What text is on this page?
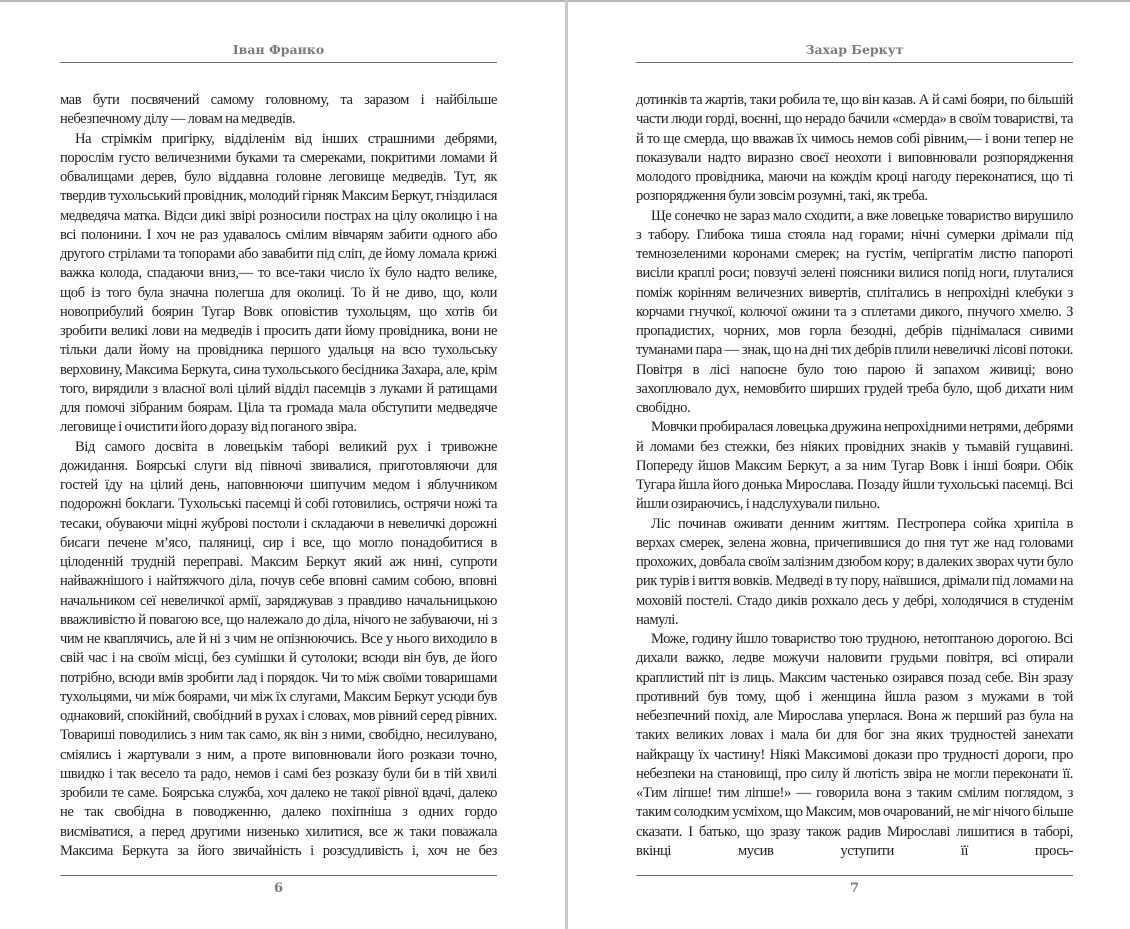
Іван Франко

мав бути посвячений самому головному, та заразом і найбільше небезпечному ділу — ловам на медведів.

На стрімкім пригірку, відділенім від інших страшними дебрями, порослім густо величезними буками та смереками, покритими ломами й обвалищами дерев, було віддавна головне леговище медведів. Тут, як твердив тухольський провідник, молодий гірняк Максим Беркут, гніздилася медведяча матка. Відси дикі звірі розносили пострах на цілу околицю і на всі полонини. І хоч не раз удавалось смілим вівчарям забити одного або другого стрілами та топорами або завабити під сліп, де йому ломала крижі важка колода, спадаючи вниз,— то все-таки число їх було надто велике, щоб із того була значна полегша для околиці. То й не диво, що, коли новоприбулий боярин Тугар Вовк оповістив тухольцям, що хотів би зробити великі лови на медведів і просить дати йому провідника, вони не тільки дали йому на провідника першого удальця на всю тухольську верховину, Максима Беркута, сина тухольського бесідника Захара, але, крім того, вирядили з власної волі цілий відділ пасемців з луками й ратищами для помочі зібраним боярам. Ціла та громада мала обступити медведяче леговище і очистити його доразу від поганого звіра.

Від самого досвіта в ловецькім таборі великий рух і тривожне дожидання. Боярські слуги від півночі звивалися, приготовляючи для гостей їду на цілий день, наповнюючи шипучим медом і яблучником подорожні боклаги. Тухольські пасемці й собі готовились, острячи ножі та тесаки, обуваючи міцні жуброві постоли і складаючи в невеличкі дорожні бисаги печене м’ясо, паляниці, сир і все, що могло понадобитися в цілоденній трудній переправі. Максим Беркут який аж нині, супроти найважнішого і найтяжчого діла, почув себе вповні самим собою, вповні начальником сеї невеличкої армії, заряджував з правдиво начальницькою вважливістю й повагою все, що належало до діла, нічого не забуваючи, ні з чим не кваплячись, але й ні з чим не опізнюючись. Все у нього виходило в свій час і на своїм місці, без сумішки й сутолоки; всюди він був, де його потрібно, всюди вмів зробити лад і порядок. Чи то між своїми товаришами тухольцями, чи між боярами, чи між їх слугами, Максим Беркут усюди був однаковий, спокійний, свобідний в рухах і словах, мов рівний серед рівних. Товариші поводились з ним так само, як він з ними, свобідно, несилувано, сміялись і жартували з ним, а проте виповнювали його розкази точно, швидко і так весело та радо, немов і самі без розказу були би в тій хвилі зробили те саме. Боярська служба, хоч далеко не такої рівної вдачі, далеко не так свобідна в поводженню, далеко похіпніша з одних гордо висміватися, а перед другими низенько хилитися, все ж таки поважала Максима Беркута за його звичайність і розсудливість і, хоч не без

6
Захар Беркут

дотинків та жартів, таки робила те, що він казав. А й самі бояри, по більшій части люди горді, воєнні, що нерадо бачили «смерда» в своїм товаристві, та й то ще смерда, що вважав їх чимось немов собі рівним,— і вони тепер не показували надто виразно своєї неохоти і виповнювали розпорядження молодого провідника, маючи на кождім кроці нагоду переконатися, що ті розпорядження були зовсім розумні, такі, як треба.

Ще сонечко не зараз мало сходити, а вже ловецьке товариство вирушило з табору. Глибока тиша стояла над горами; нічні сумерки дрімали під темнозеленими коронами смерек; на густім, чепіргатім листю папороті висіли краплі роси; повзучі зелені поясники вилися попід ноги, плуталися поміж корінням величезних вивертів, сплітались в непрохідні клебуки з корчами гнучкої, колючої ожини та з сплетами дикого, пнучого хмелю. З пропадистих, чорних, мов горла безодні, дебрів піднімалася сивими туманами пара — знак, що на дні тих дебрів плили невеличкі лісові потоки. Повітря в лісі напоєне було тою парою й запахом живиці; воно захоплювало дух, немовбито ширших грудей треба було, щоб дихати ним свобідно.

Мовчки пробиралася ловецька дружина непрохідними нетрями, дебрями й ломами без стежки, без ніяких провідних знаків у тьмавій гущавині. Попереду йшов Максим Беркут, а за ним Тугар Вовк і інші бояри. Обік Тугара йшла його донька Мирослава. Позаду йшли тухольські пасемці. Всі йшли озираючись, і надслухували пильно.

Ліс починав оживати денним життям. Пестропера сойка хрипіла в верхах смерек, зелена жовна, причепившися до пня тут же над головами прохожих, довбала своїм залізним дзюбом кору; в далеких зворах чути було рик турів і виття вовків. Медведі в ту пору, наївшися, дрімали під ломами на моховій постелі. Стадо диків рохкало десь у дебрі, холодячися в студенім намулі.

Може, годину йшло товариство тою трудною, нетоптаною дорогою. Всі дихали важко, ледве можучи наловити грудьми повітря, всі отирали краплистий піт із лиць. Максим частенько озирався позад себе. Він зразу противний був тому, щоб і женщина йшла разом з мужами в той небезпечний похід, але Мирослава уперлася. Вона ж перший раз була на таких великих ловах і мала би для бог зна яких трудностей занехати найкращу їх частину! Ніякі Максимові докази про трудності дороги, про небезпеки на становищі, про силу й лютість звіра не могли переконати її. «Тим ліпше! тим ліпше!» — говорила вона з таким смілим поглядом, з таким солодким усміхом, що Максим, мов очарований, не міг нічого більше сказати. І батько, що зразу також радив Мирославі лишитися в таборі, вкінці мусив уступити її прось-

7
